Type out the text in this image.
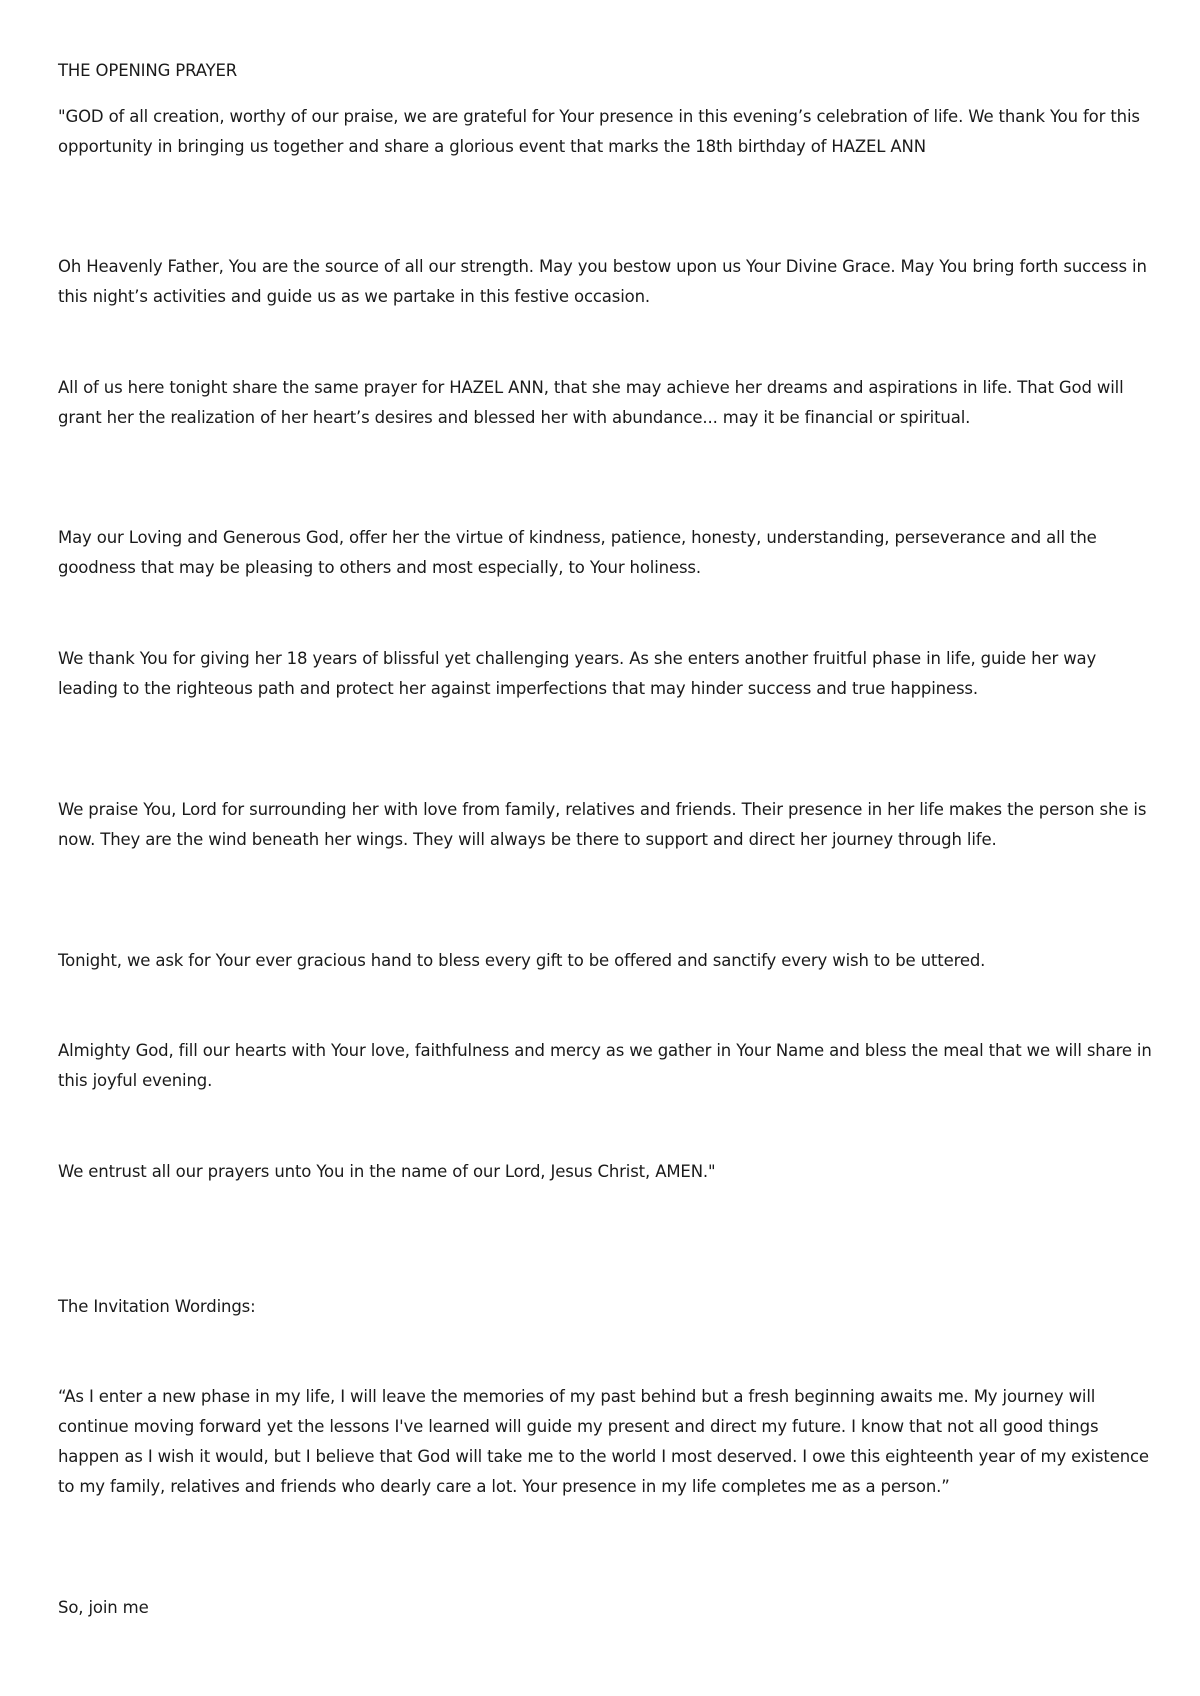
THE OPENING PRAYER

"GOD of all creation, worthy of our praise, we are grateful for Your presence in this evening’s celebration of life. We thank You for this opportunity in bringing us together and share a glorious event that marks the 18th birthday of HAZEL ANN

Oh Heavenly Father, You are the source of all our strength. May you bestow upon us Your Divine Grace. May You bring forth success in this night’s activities and guide us as we partake in this festive occasion.

All of us here tonight share the same prayer for HAZEL ANN, that she may achieve her dreams and aspirations in life. That God will grant her the realization of her heart’s desires and blessed her with abundance... may it be financial or spiritual.

May our Loving and Generous God, offer her the virtue of kindness, patience, honesty, understanding, perseverance and all the goodness that may be pleasing to others and most especially, to Your holiness.

We thank You for giving her 18 years of blissful yet challenging years. As she enters another fruitful phase in life, guide her way leading to the righteous path and protect her against imperfections that may hinder success and true happiness.

We praise You, Lord for surrounding her with love from family, relatives and friends. Their presence in her life makes the person she is now. They are the wind beneath her wings. They will always be there to support and direct her journey through life.

Tonight, we ask for Your ever gracious hand to bless every gift to be offered and sanctify every wish to be uttered.

Almighty God, fill our hearts with Your love, faithfulness and mercy as we gather in Your Name and bless the meal that we will share in this joyful evening.

We entrust all our prayers unto You in the name of our Lord, Jesus Christ, AMEN."

The Invitation Wordings:

“As I enter a new phase in my life, I will leave the memories of my past behind but a fresh beginning awaits me. My journey will continue moving forward yet the lessons I've learned will guide my present and direct my future. I know that not all good things happen as I wish it would, but I believe that God will take me to the world I most deserved. I owe this eighteenth year of my existence to my family, relatives and friends who dearly care a lot. Your presence in my life completes me as a person.”

So, join me
